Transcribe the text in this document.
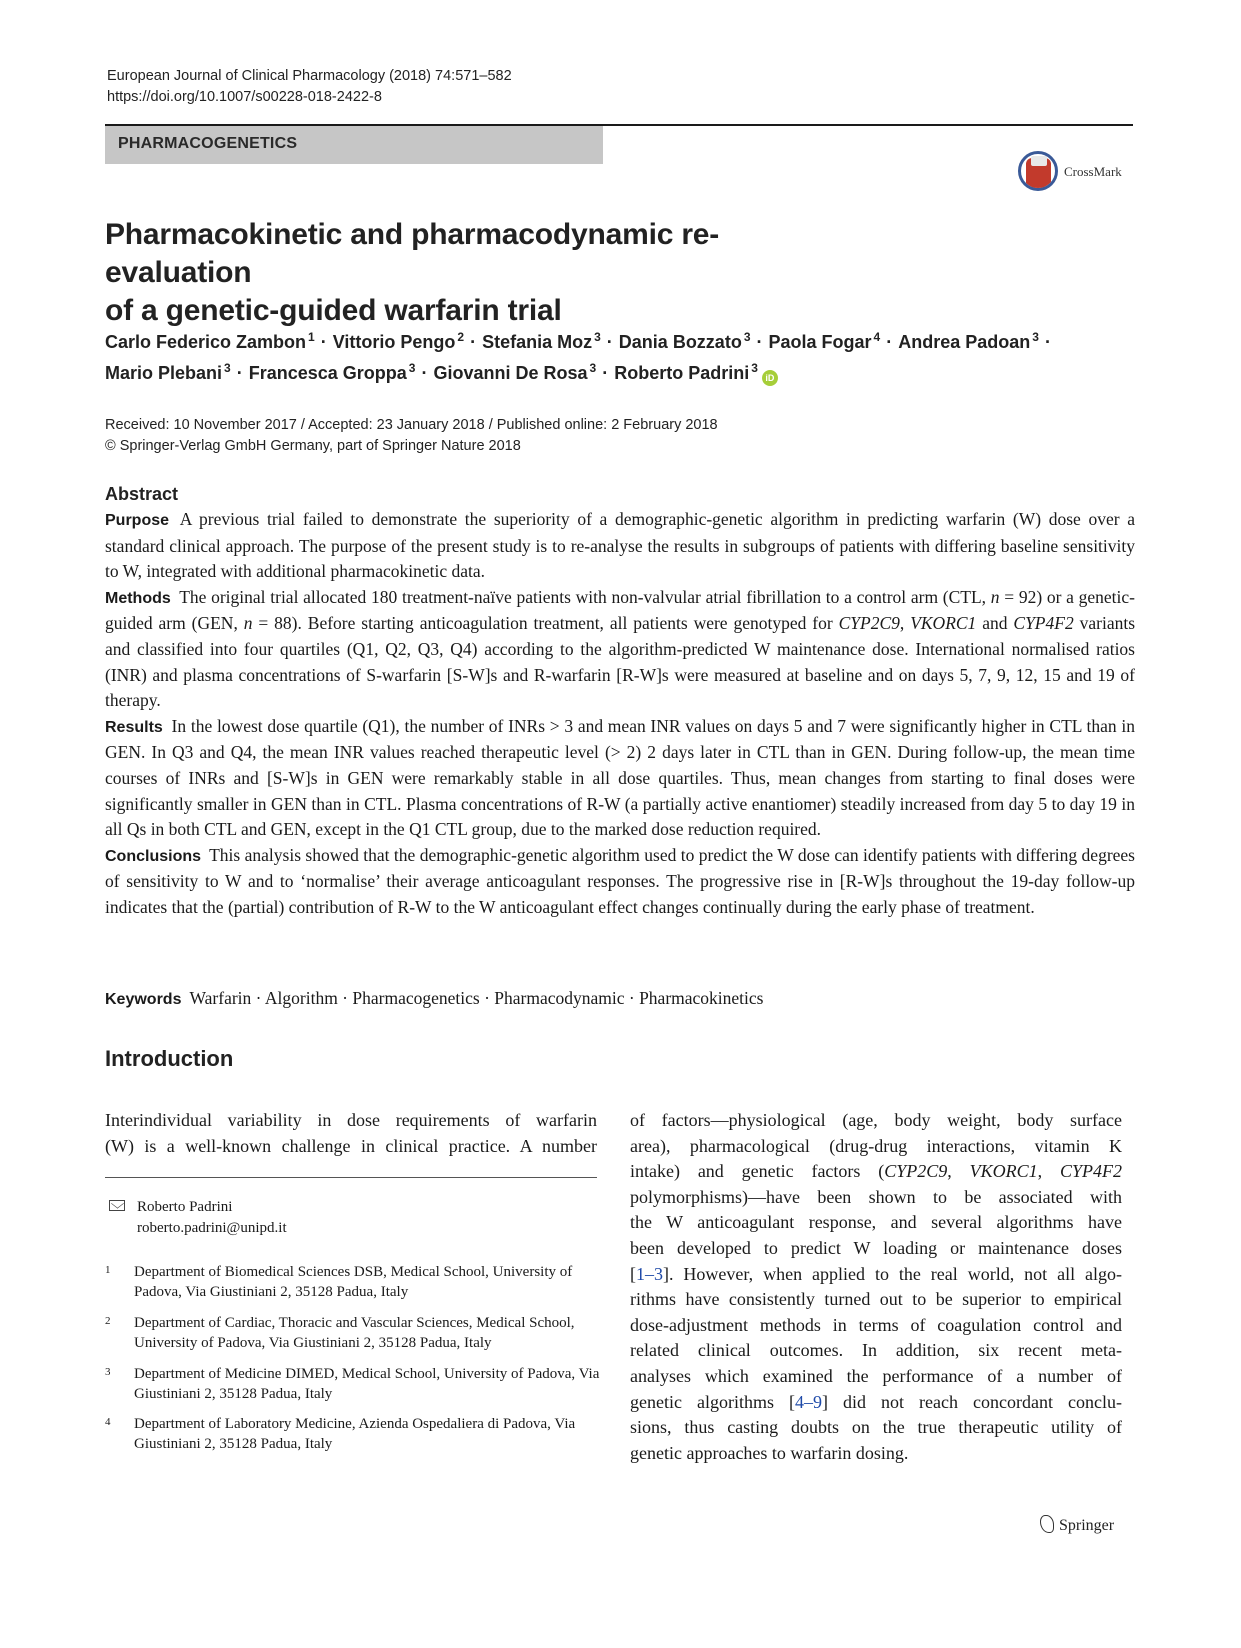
European Journal of Clinical Pharmacology (2018) 74:571–582
https://doi.org/10.1007/s00228-018-2422-8
PHARMACOGENETICS
CrossMark
Pharmacokinetic and pharmacodynamic re-evaluation
of a genetic-guided warfarin trial
Carlo Federico Zambon $^1$ · Vittorio Pengo $^2$ · Stefania Moz $^3$ · Dania Bozzato $^3$ · Paola Fogar $^4$ · Andrea Padoan $^3$ ·
Mario Plebani $^3$ · Francesca Groppa $^3$ · Giovanni De Rosa $^3$ · Roberto Padrini $^3$iD
Received: 10 November 2017 / Accepted: 23 January 2018 / Published online: 2 February 2018
© Springer-Verlag GmbH Germany, part of Springer Nature 2018
Abstract

Purpose A previous trial failed to demonstrate the superiority of a demographic-genetic algorithm in predicting warfarin (W) dose over a standard clinical approach. The purpose of the present study is to re-analyse the results in subgroups of patients with differing baseline sensitivity to W, integrated with additional pharmacokinetic data.

Methods The original trial allocated 180 treatment-naïve patients with non-valvular atrial fibrillation to a control arm (CTL, n = 92) or a genetic-guided arm (GEN, n = 88). Before starting anticoagulation treatment, all patients were genotyped for CYP2C9, VKORC1 and CYP4F2 variants and classified into four quartiles (Q1, Q2, Q3, Q4) according to the algorithm-predicted W maintenance dose. International normalised ratios (INR) and plasma concentrations of S-warfarin [S-W]s and R-warfarin [R-W]s were measured at baseline and on days 5, 7, 9, 12, 15 and 19 of therapy.

Results In the lowest dose quartile (Q1), the number of INRs > 3 and mean INR values on days 5 and 7 were significantly higher in CTL than in GEN. In Q3 and Q4, the mean INR values reached therapeutic level (> 2) 2 days later in CTL than in GEN. During follow-up, the mean time courses of INRs and [S-W]s in GEN were remarkably stable in all dose quartiles. Thus, mean changes from starting to final doses were significantly smaller in GEN than in CTL. Plasma concentrations of R-W (a partially active enantiomer) steadily increased from day 5 to day 19 in all Qs in both CTL and GEN, except in the Q1 CTL group, due to the marked dose reduction required.

Conclusions This analysis showed that the demographic-genetic algorithm used to predict the W dose can identify patients with differing degrees of sensitivity to W and to ‘normalise’ their average anticoagulant responses. The progressive rise in [R-W]s throughout the 19-day follow-up indicates that the (partial) contribution of R-W to the W anticoagulant effect changes continually during the early phase of treatment.

Keywords Warfarin · Algorithm · Pharmacogenetics · Pharmacodynamic · Pharmacokinetics
Introduction
Interindividual variability in dose requirements of warfarin
(W) is a well-known challenge in clinical practice. A number
Roberto Padrini
roberto.padrini@unipd.it
1 Department of Biomedical Sciences DSB, Medical School, University of Padova, Via Giustiniani 2, 35128 Padua, Italy
2 Department of Cardiac, Thoracic and Vascular Sciences, Medical School, University of Padova, Via Giustiniani 2, 35128 Padua, Italy
3 Department of Medicine DIMED, Medical School, University of Padova, Via Giustiniani 2, 35128 Padua, Italy
4 Department of Laboratory Medicine, Azienda Ospedaliera di Padova, Via Giustiniani 2, 35128 Padua, Italy
of factors—physiological (age, body weight, body surface
area), pharmacological (drug-drug interactions, vitamin K
intake) and genetic factors (CYP2C9, VKORC1, CYP4F2
polymorphisms)—have been shown to be associated with
the W anticoagulant response, and several algorithms have
been developed to predict W loading or maintenance doses
[1–3]. However, when applied to the real world, not all algo-
rithms have consistently turned out to be superior to empirical
dose-adjustment methods in terms of coagulation control and
related clinical outcomes. In addition, six recent meta-
analyses which examined the performance of a number of
genetic algorithms [4–9] did not reach concordant conclu-
sions, thus casting doubts on the true therapeutic utility of
genetic approaches to warfarin dosing.
Springer
